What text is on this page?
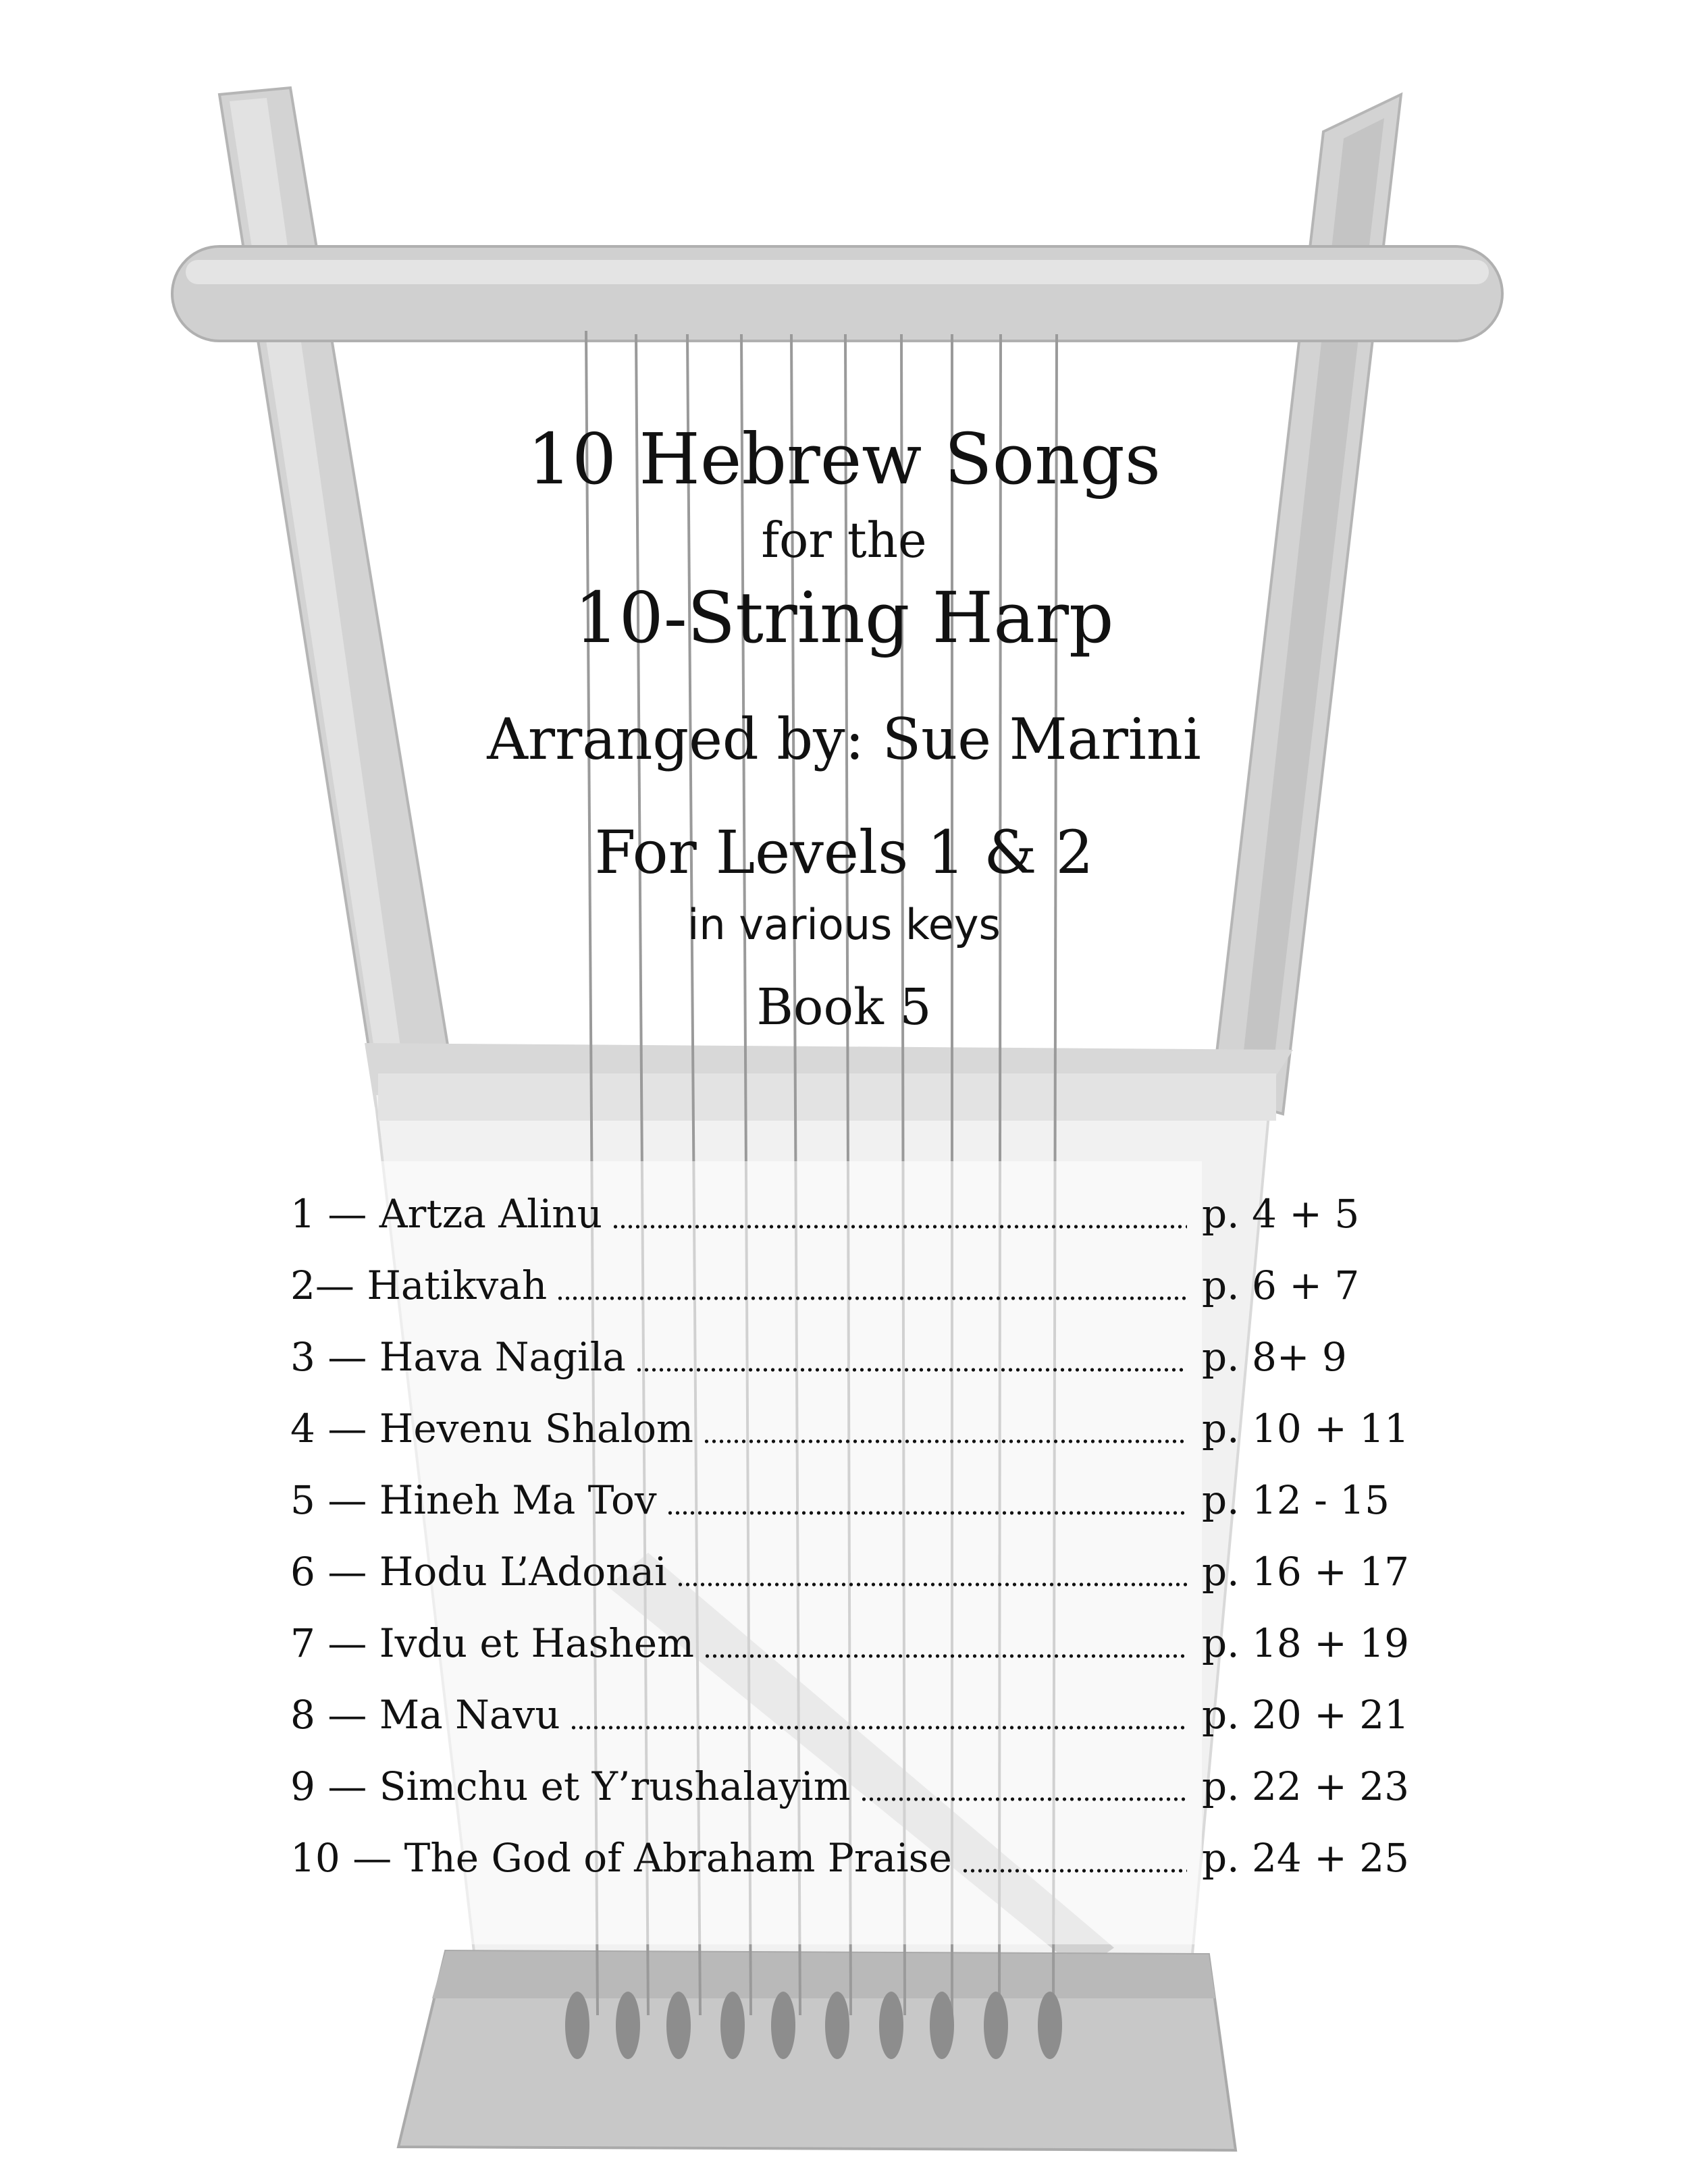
10 Hebrew Songs
for the
10-String Harp
Arranged by: Sue Marini
For Levels 1 & 2
in various keys
Book 5
1 — Artza Alinu	p. 4 + 5
2— Hatikvah	p. 6 + 7
3 — Hava Nagila	p. 8+ 9
4 — Hevenu Shalom	p. 10 + 11
5 — Hineh Ma Tov	p. 12 - 15
6 — Hodu L’Adonai	p. 16 + 17
7 — Ivdu et Hashem	p. 18 + 19
8 — Ma Navu	p. 20 + 21
9 — Simchu et Y’rushalayim	p. 22 + 23
10 — The God of Abraham Praise	p. 24 + 25
